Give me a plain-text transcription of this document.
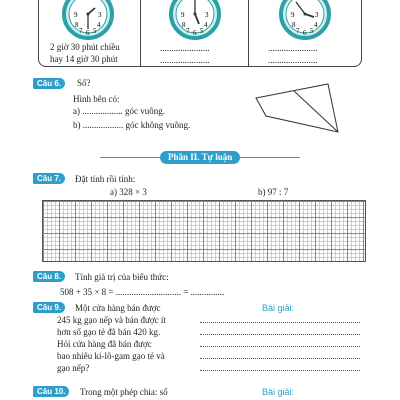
9	3
8	4
7 6 5
9	3
8	4
7 6 5
9	3
8	4
7 6 5
2 giờ 30 phút chiều
hay 14 giờ 30 phút
......................
......................
......................
......................
Câu 6.	Số?
Hình bên có:
a) .................. góc vuông.
b) .................. góc không vuông.
Phần II. Tự luận
Câu 7.	Đặt tính rồi tính:
a) 328 × 3	b) 97 : 7
Câu 8.	Tính giá trị của biểu thức:
508 + 35 × 8 = ............................. = ...............
Câu 9.	Một cửa hàng bán được
245 kg gạo nếp và bán được ít
hơn số gạo tẻ đã bán 420 kg.
Hỏi cửa hàng đã bán được
bao nhiêu ki-lô-gam gạo tẻ và
gạo nếp?
Bài giải:
Câu 10.	Trong một phép chia: số	Bài giải:
